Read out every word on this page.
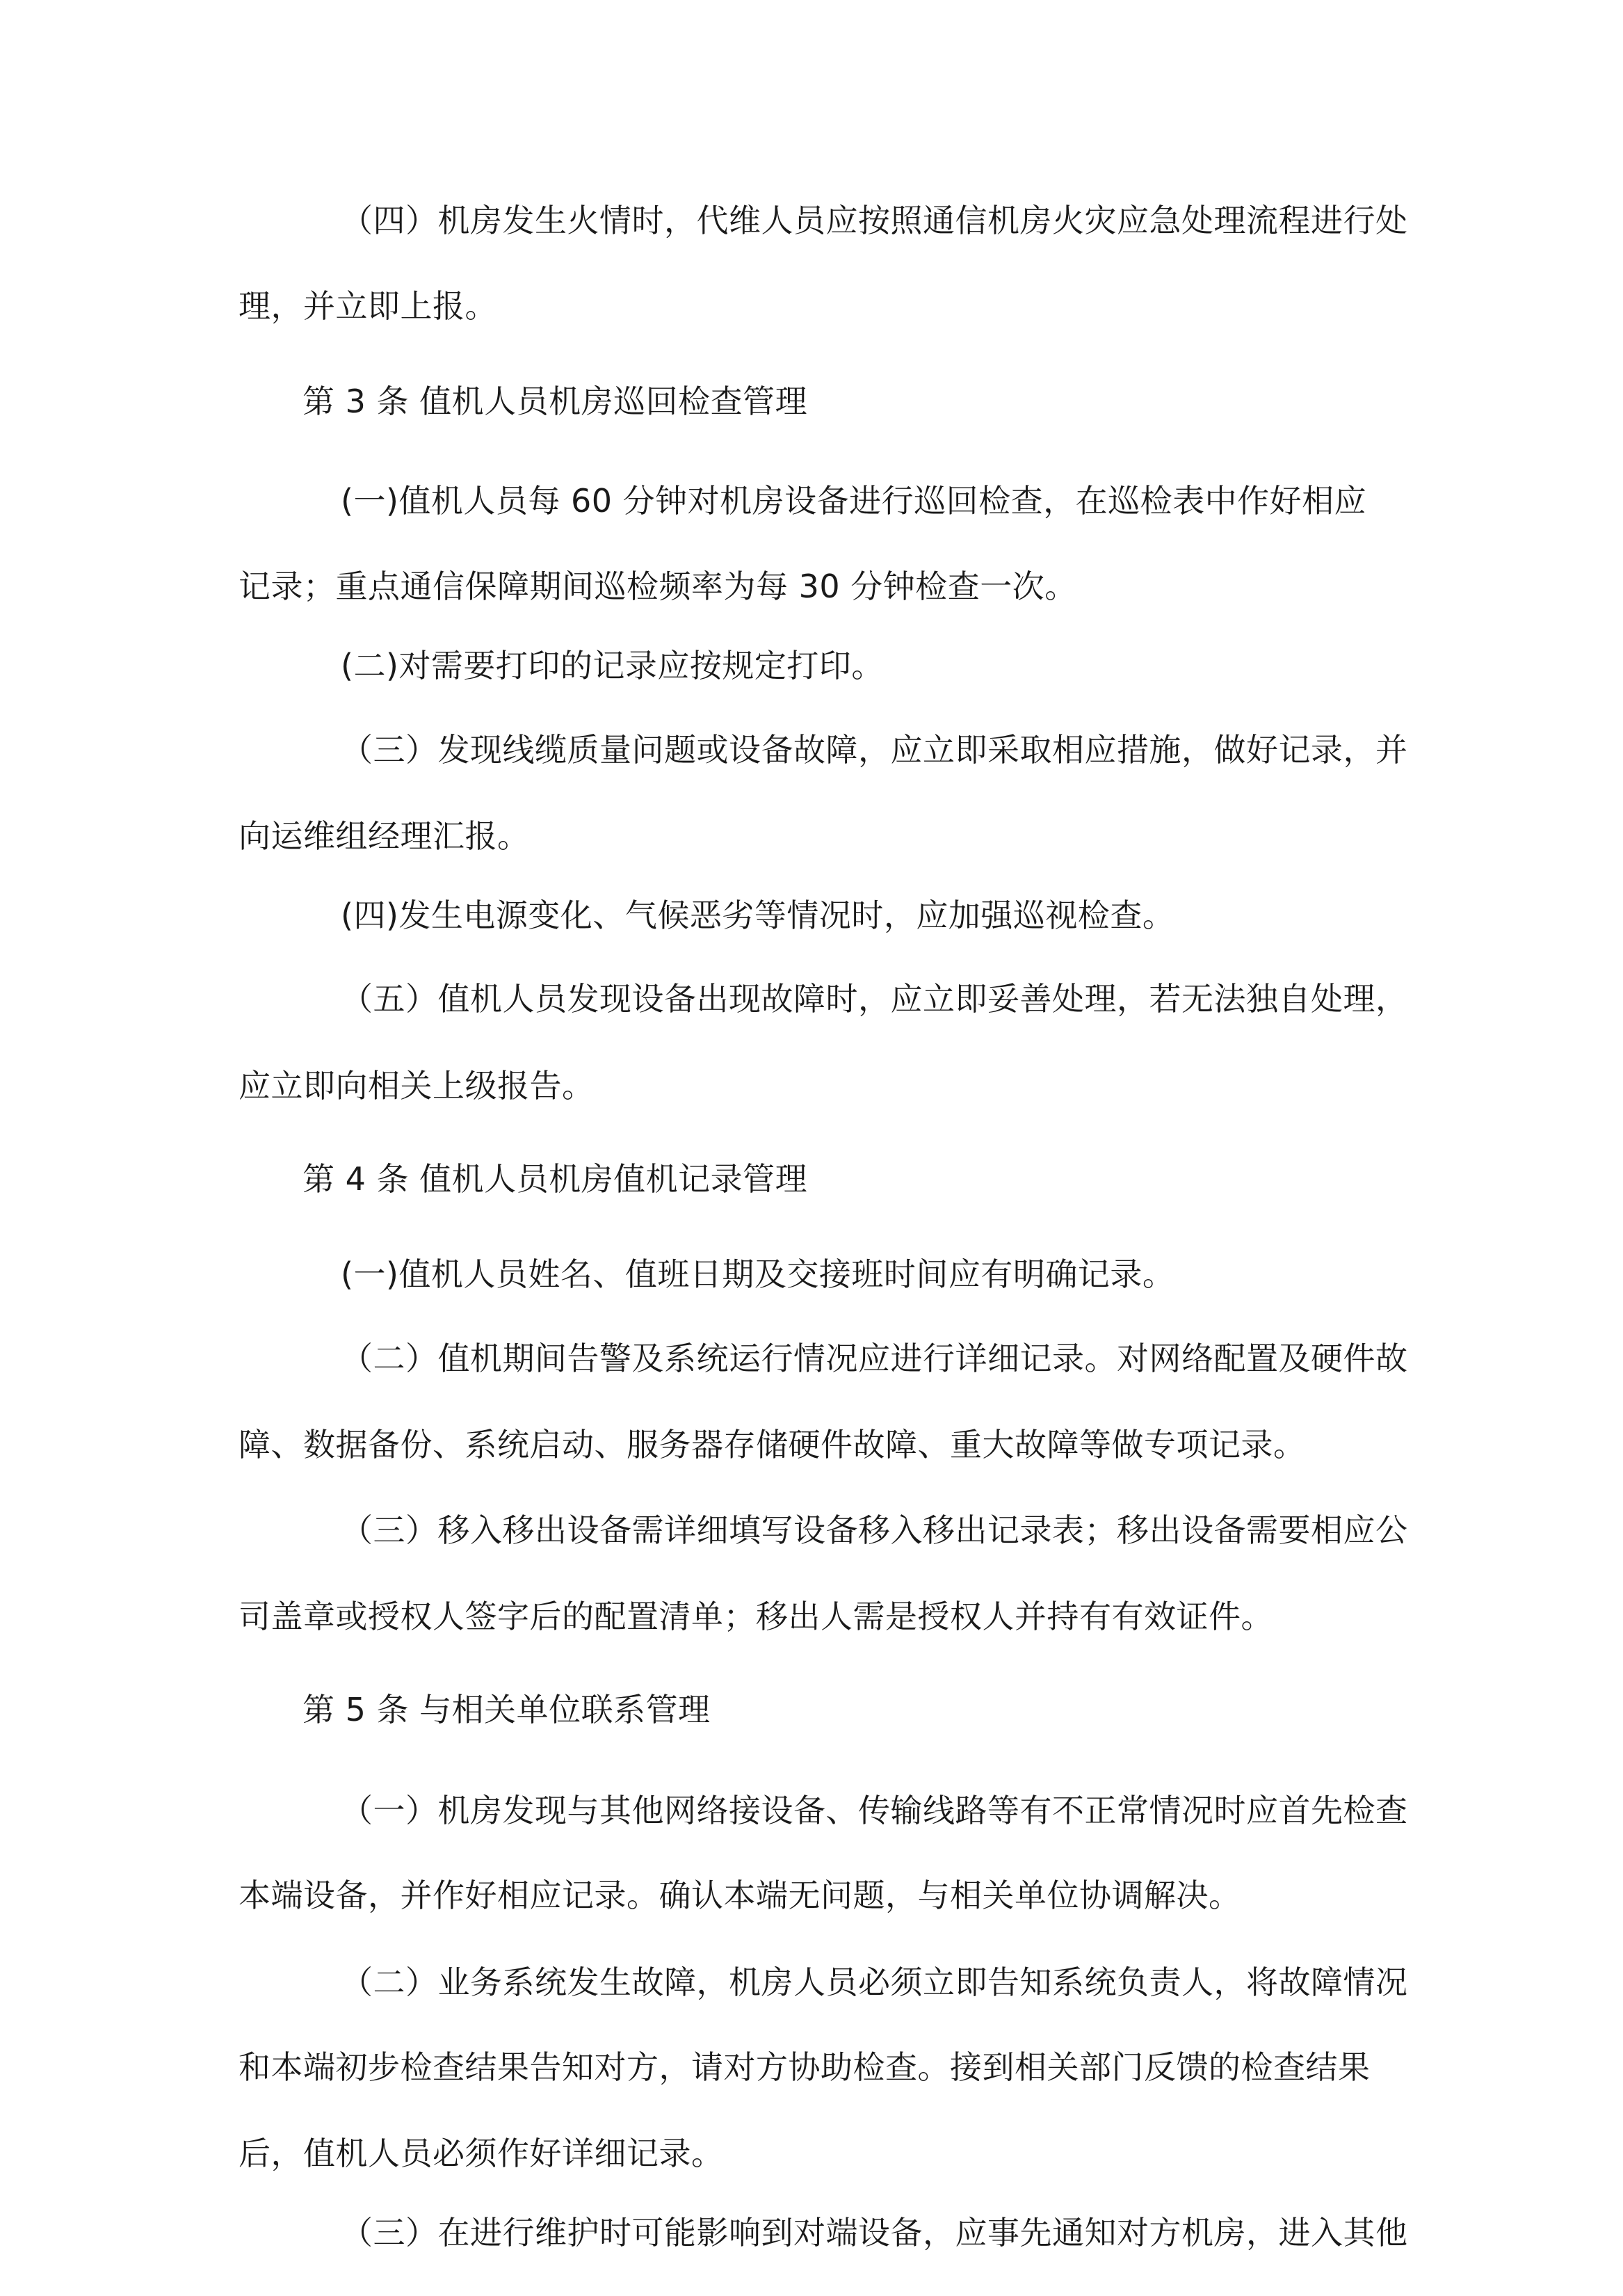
（四）机房发生火情时，代维人员应按照通信机房火灾应急处理流程进行处
理，并立即上报。
第 3 条 值机人员机房巡回检查管理
(一)值机人员每 60 分钟对机房设备进行巡回检查，在巡检表中作好相应
记录；重点通信保障期间巡检频率为每 30 分钟检查一次。
(二)对需要打印的记录应按规定打印。
（三）发现线缆质量问题或设备故障，应立即采取相应措施，做好记录，并
向运维组经理汇报。
(四)发生电源变化、气候恶劣等情况时，应加强巡视检查。
（五）值机人员发现设备出现故障时，应立即妥善处理，若无法独自处理，
应立即向相关上级报告。
第 4 条 值机人员机房值机记录管理
(一)值机人员姓名、值班日期及交接班时间应有明确记录。
（二）值机期间告警及系统运行情况应进行详细记录。对网络配置及硬件故
障、数据备份、系统启动、服务器存储硬件故障、重大故障等做专项记录。
（三）移入移出设备需详细填写设备移入移出记录表；移出设备需要相应公
司盖章或授权人签字后的配置清单；移出人需是授权人并持有有效证件。
第 5 条 与相关单位联系管理
（一）机房发现与其他网络接设备、传输线路等有不正常情况时应首先检查
本端设备，并作好相应记录。确认本端无问题，与相关单位协调解决。
（二）业务系统发生故障，机房人员必须立即告知系统负责人，将故障情况
和本端初步检查结果告知对方，请对方协助检查。接到相关部门反馈的检查结果
后，值机人员必须作好详细记录。
（三）在进行维护时可能影响到对端设备，应事先通知对方机房，进入其他
